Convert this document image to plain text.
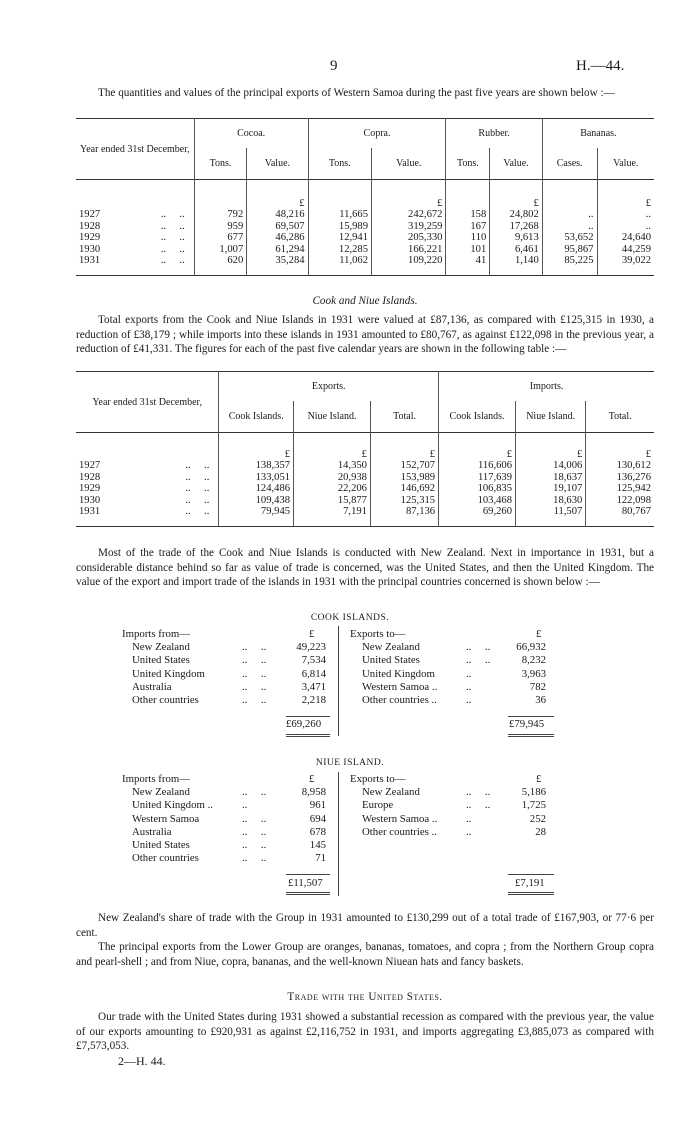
9	H.—44.

The quantities and values of the principal exports of Western Samoa during the past five years are shown below :—

Year ended 31st December,	Cocoa.		Copra.		Rubber.		Bananas.	
	Tons.	Value.	Tons.	Value.	Tons.	Value.	Cases.	Value.

		£		£		£		£
1927 ..     ..	792	48,216	11,665	242,672	158	24,802	..	..
1928 ..     ..	959	69,507	15,989	319,259	167	17,268	..	..
1929 ..     ..	677	46,286	12,941	205,330	110	9,613	53,652	24,640
1930 ..     ..	1,007	61,294	12,285	166,221	101	6,461	95,867	44,259
1931 ..     ..	620	35,284	11,062	109,220	41	1,140	85,225	39,022

Cook and Niue Islands.

Total exports from the Cook and Niue Islands in 1931 were valued at £87,136, as compared with £125,315 in 1930, a reduction of £38,179 ; while imports into these islands in 1931 amounted to £80,767, as against £122,098 in the previous year, a reduction of £41,331. The figures for each of the past five calendar years are shown in the following table :—

Year ended 31st December,	Exports.			Imports.		
	Cook Islands.	Niue Island.	Total.	Cook Islands.	Niue Island.	Total.

	£	£	£	£	£	£
1927 ..     ..	138,357	14,350	152,707	116,606	14,006	130,612
1928 ..     ..	133,051	20,938	153,989	117,639	18,637	136,276
1929 ..     ..	124,486	22,206	146,692	106,835	19,107	125,942
1930 ..     ..	109,438	15,877	125,315	103,468	18,630	122,098
1931 ..     ..	79,945	7,191	87,136	69,260	11,507	80,767

Most of the trade of the Cook and Niue Islands is conducted with New Zealand. Next in importance in 1931, but a considerable distance behind so far as value of trade is concerned, was the United States, and then the United Kingdom. The value of the export and import trade of the islands in 1931 with the principal countries concerned is shown below :—

COOK ISLANDS.
Imports from—
New Zealand	..     ..	49,223
United States	..     ..	7,534
United Kingdom	..     ..	6,814
Australia	..     ..	3,471
Other countries	..     ..	2,218
£
£69,260
Exports to—
New Zealand	..     ..	66,932
United States	..     ..	8,232
United Kingdom	..	3,963
Western Samoa ..	..	782
Other countries ..	..	36
£
£79,945
NIUE ISLAND.
Imports from—
New Zealand	..     ..	8,958
United Kingdom ..	..	961
Western Samoa	..     ..	694
Australia	..     ..	678
United States	..     ..	145
Other countries	..     ..	71
£
£11,507
Exports to—
New Zealand	..     ..	5,186
Europe	..     ..	1,725
Western Samoa ..	..	252
Other countries ..	..	28
£
£7,191

New Zealand's share of trade with the Group in 1931 amounted to £130,299 out of a total trade of £167,903, or 77·6 per cent.

The principal exports from the Lower Group are oranges, bananas, tomatoes, and copra ; from the Northern Group copra and pearl-shell ; and from Niue, copra, bananas, and the well-known Niuean hats and fancy baskets.

Trade with the United States.

Our trade with the United States during 1931 showed a substantial recession as compared with the previous year, the value of our exports amounting to £920,931 as against £2,116,752 in 1931, and imports aggregating £3,885,073 as compared with £7,573,053.

2—H. 44.
